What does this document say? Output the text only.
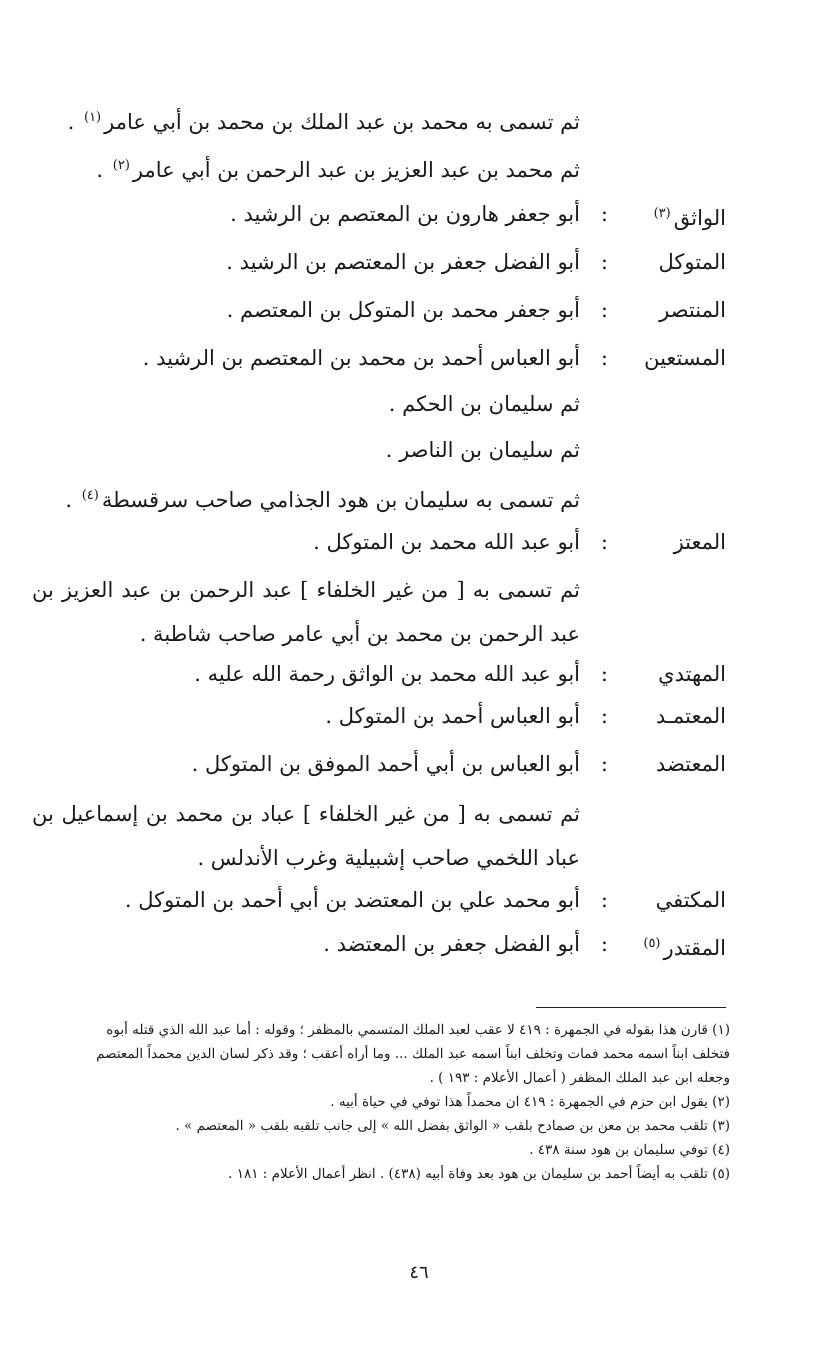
ثم تسمى به محمد بن عبد الملك بن محمد بن أبي عامر$^{(١)}$ .
ثم محمد بن عبد العزيز بن عبد الرحمن بن أبي عامر$^{(٢)}$ .
الواثق$^{(٣)}$
:
أبو جعفر هارون بن المعتصم بن الرشيد .
المتوكل
:
أبو الفضل جعفر بن المعتصم بن الرشيد .
المنتصر
:
أبو جعفر محمد بن المتوكل بن المعتصم .
المستعين
:
أبو العباس أحمد بن محمد بن المعتصم بن الرشيد .
ثم سليمان بن الحكم .
ثم سليمان بن الناصر .
ثم تسمى به سليمان بن هود الجذامي صاحب سرقسطة$^{(٤)}$ .
المعتز
:
أبو عبد الله محمد بن المتوكل .
ثم تسمى به [ من غير الخلفاء ] عبد الرحمن بن عبد العزيز بن عبد الرحمن بن محمد بن أبي عامر صاحب شاطبة .
المهتدي
:
أبو عبد الله محمد بن الواثق رحمة الله عليه .
المعتمـد
:
أبو العباس أحمد بن المتوكل .
المعتضد
:
أبو العباس بن أبي أحمد الموفق بن المتوكل .
ثم تسمى به [ من غير الخلفاء ] عباد بن محمد بن إسماعيل بن عباد اللخمي صاحب إشبيلية وغرب الأندلس .
المكتفي
:
أبو محمد علي بن المعتضد بن أبي أحمد بن المتوكل .
المقتدر$^{(٥)}$
:
أبو الفضل جعفر بن المعتضد .

(١) قارن هذا بقوله في الجمهرة : ٤١٩ لا عقب لعبد الملك المتسمي بالمظفر ؛ وقوله : أما عبد الله الذي قتله أبوه فتخلف ابناً اسمه محمد فمات وتخلف ابناً اسمه عبد الملك ... وما أراه أعقب ؛ وقد ذكر لسان الدين محمداً المعتصم وجعله ابن عبد الملك المظفر ( أعمال الأعلام : ١٩٣ ) .

(٢) يقول ابن حزم في الجمهرة : ٤١٩ ان محمداً هذا توفي في حياة أبيه .

(٣) تلقب محمد بن معن بن صمادح بلقب « الواثق بفضل الله » إلى جانب تلقبه بلقب « المعتصم » .

(٤) توفي سليمان بن هود سنة ٤٣٨ .

(٥) تلقب به أيضاً أحمد بن سليمان بن هود بعد وفاة أبيه (٤٣٨) . انظر أعمال الأعلام : ١٨١ .

٤٦
